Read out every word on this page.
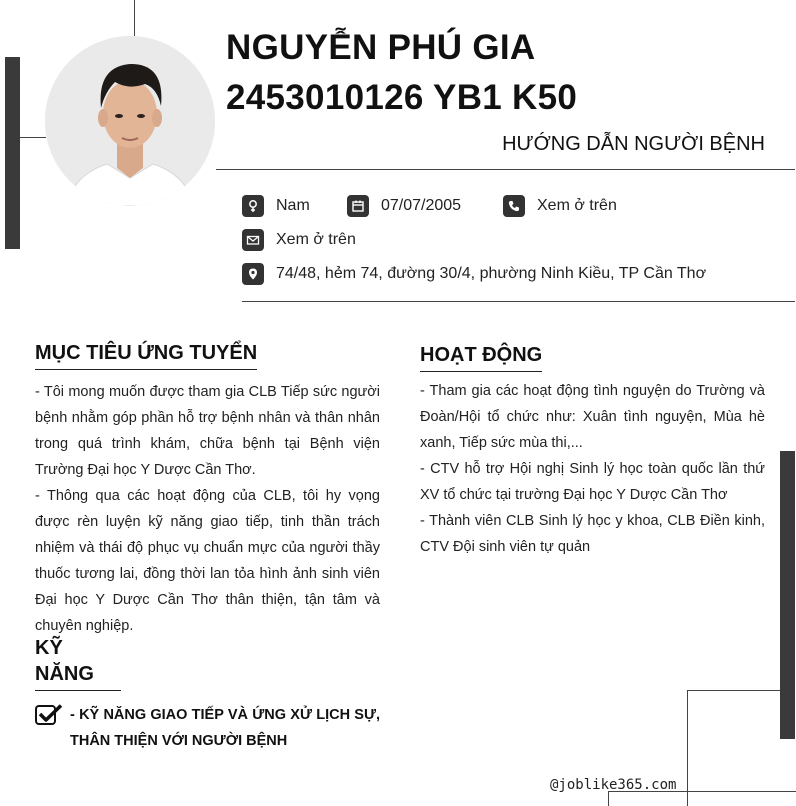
NGUYỄN PHÚ GIA
2453010126 YB1 K50
HƯỚNG DẪN NGƯỜI BỆNH
Nam	07/07/2005	Xem ở trên
Xem ở trên
74/48, hẻm 74, đường 30/4, phường Ninh Kiều, TP Cần Thơ
MỤC TIÊU ỨNG TUYỂN

- Tôi mong muốn được tham gia CLB Tiếp sức người bệnh nhằm góp phần hỗ trợ bệnh nhân và thân nhân trong quá trình khám, chữa bệnh tại Bệnh viện Trường Đại học Y Dược Cần Thơ.

- Thông qua các hoạt động của CLB, tôi hy vọng được rèn luyện kỹ năng giao tiếp, tinh thần trách nhiệm và thái độ phục vụ chuẩn mực của người thầy thuốc tương lai, đồng thời lan tỏa hình ảnh sinh viên Đại học Y Dược Cần Thơ thân thiện, tận tâm và chuyên nghiệp.

KỸ NĂNG

- KỸ NĂNG GIAO TIẾP VÀ ỨNG XỬ LỊCH SỰ, THÂN THIỆN VỚI NGƯỜI BỆNH

HOẠT ĐỘNG

- Tham gia các hoạt động tình nguyện do Trường và Đoàn/Hội tổ chức như: Xuân tình nguyện, Mùa hè xanh, Tiếp sức mùa thi,...

- CTV hỗ trợ Hội nghị Sinh lý học toàn quốc lần thứ XV tổ chức tại trường Đại học Y Dược Cần Thơ

- Thành viên CLB Sinh lý học y khoa, CLB Điền kinh, CTV Đội sinh viên tự quản

@joblike365.com
